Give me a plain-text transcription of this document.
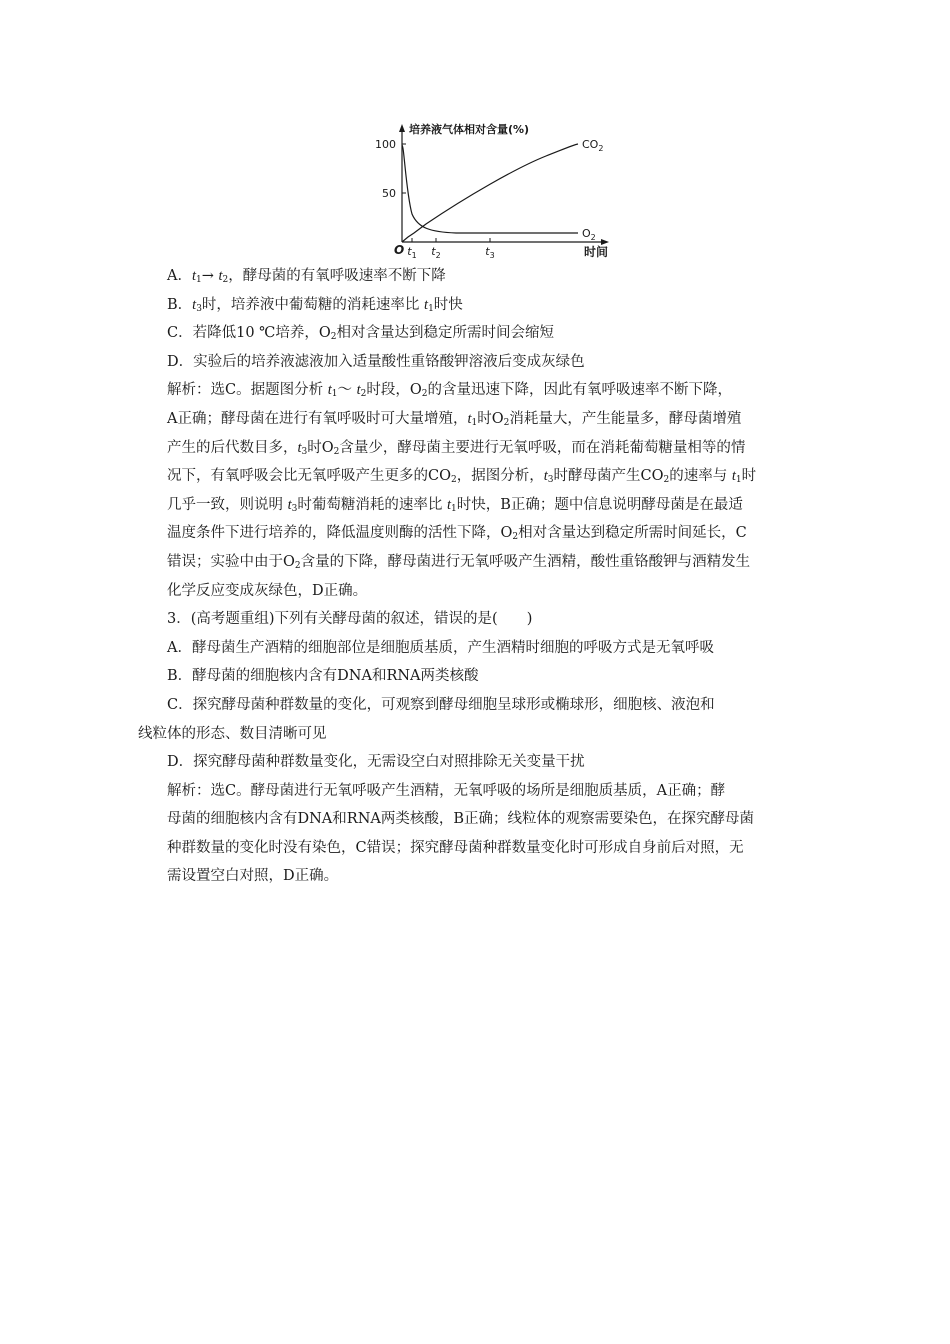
培养液气体相对含量(%)
100
50
O $t_1$ $t_2$	$t_3$	时间
$CO_2$
$O_2$

A．$t_1\to t_2$，酵母菌的有氧呼吸速率不断下降

B．$t_3$时，培养液中葡萄糖的消耗速率比 $t_1$时快

C．若降低10 ℃培养，$O_2$相对含量达到稳定所需时间会缩短

D．实验后的培养液滤液加入适量酸性重铬酸钾溶液后变成灰绿色

解析：选C。据题图分析 $t_1\sim$ $t_2$时段，$O_2$的含量迅速下降，因此有氧呼吸速率不断下降，
A正确；酵母菌在进行有氧呼吸时可大量增殖，$t_1$时$O_2$消耗量大，产生能量多，酵母菌增殖
产生的后代数目多，$t_3$时$O_2$含量少，酵母菌主要进行无氧呼吸，而在消耗葡萄糖量相等的情
况下，有氧呼吸会比无氧呼吸产生更多的$CO_2$，据图分析，$t_3$时酵母菌产生$CO_2$的速率与 $t_1$时
几乎一致，则说明 $t_3$时葡萄糖消耗的速率比 $t_1$时快，B正确；题中信息说明酵母菌是在最适
温度条件下进行培养的，降低温度则酶的活性下降，$O_2$相对含量达到稳定所需时间延长，C
错误；实验中由于$O_2$含量的下降，酵母菌进行无氧呼吸产生酒精，酸性重铬酸钾与酒精发生
化学反应变成灰绿色，D正确。

3．(高考题重组)下列有关酵母菌的叙述，错误的是(　　)

A．酵母菌生产酒精的细胞部位是细胞质基质，产生酒精时细胞的呼吸方式是无氧呼吸

B．酵母菌的细胞核内含有DNA和RNA两类核酸

C．探究酵母菌种群数量的变化，可观察到酵母细胞呈球形或椭球形，细胞核、液泡和
线粒体的形态、数目清晰可见

D．探究酵母菌种群数量变化，无需设空白对照排除无关变量干扰

解析：选C。酵母菌进行无氧呼吸产生酒精，无氧呼吸的场所是细胞质基质，A正确；酵
母菌的细胞核内含有DNA和RNA两类核酸，B正确；线粒体的观察需要染色，在探究酵母菌
种群数量的变化时没有染色，C错误；探究酵母菌种群数量变化时可形成自身前后对照，无
需设置空白对照，D正确。
